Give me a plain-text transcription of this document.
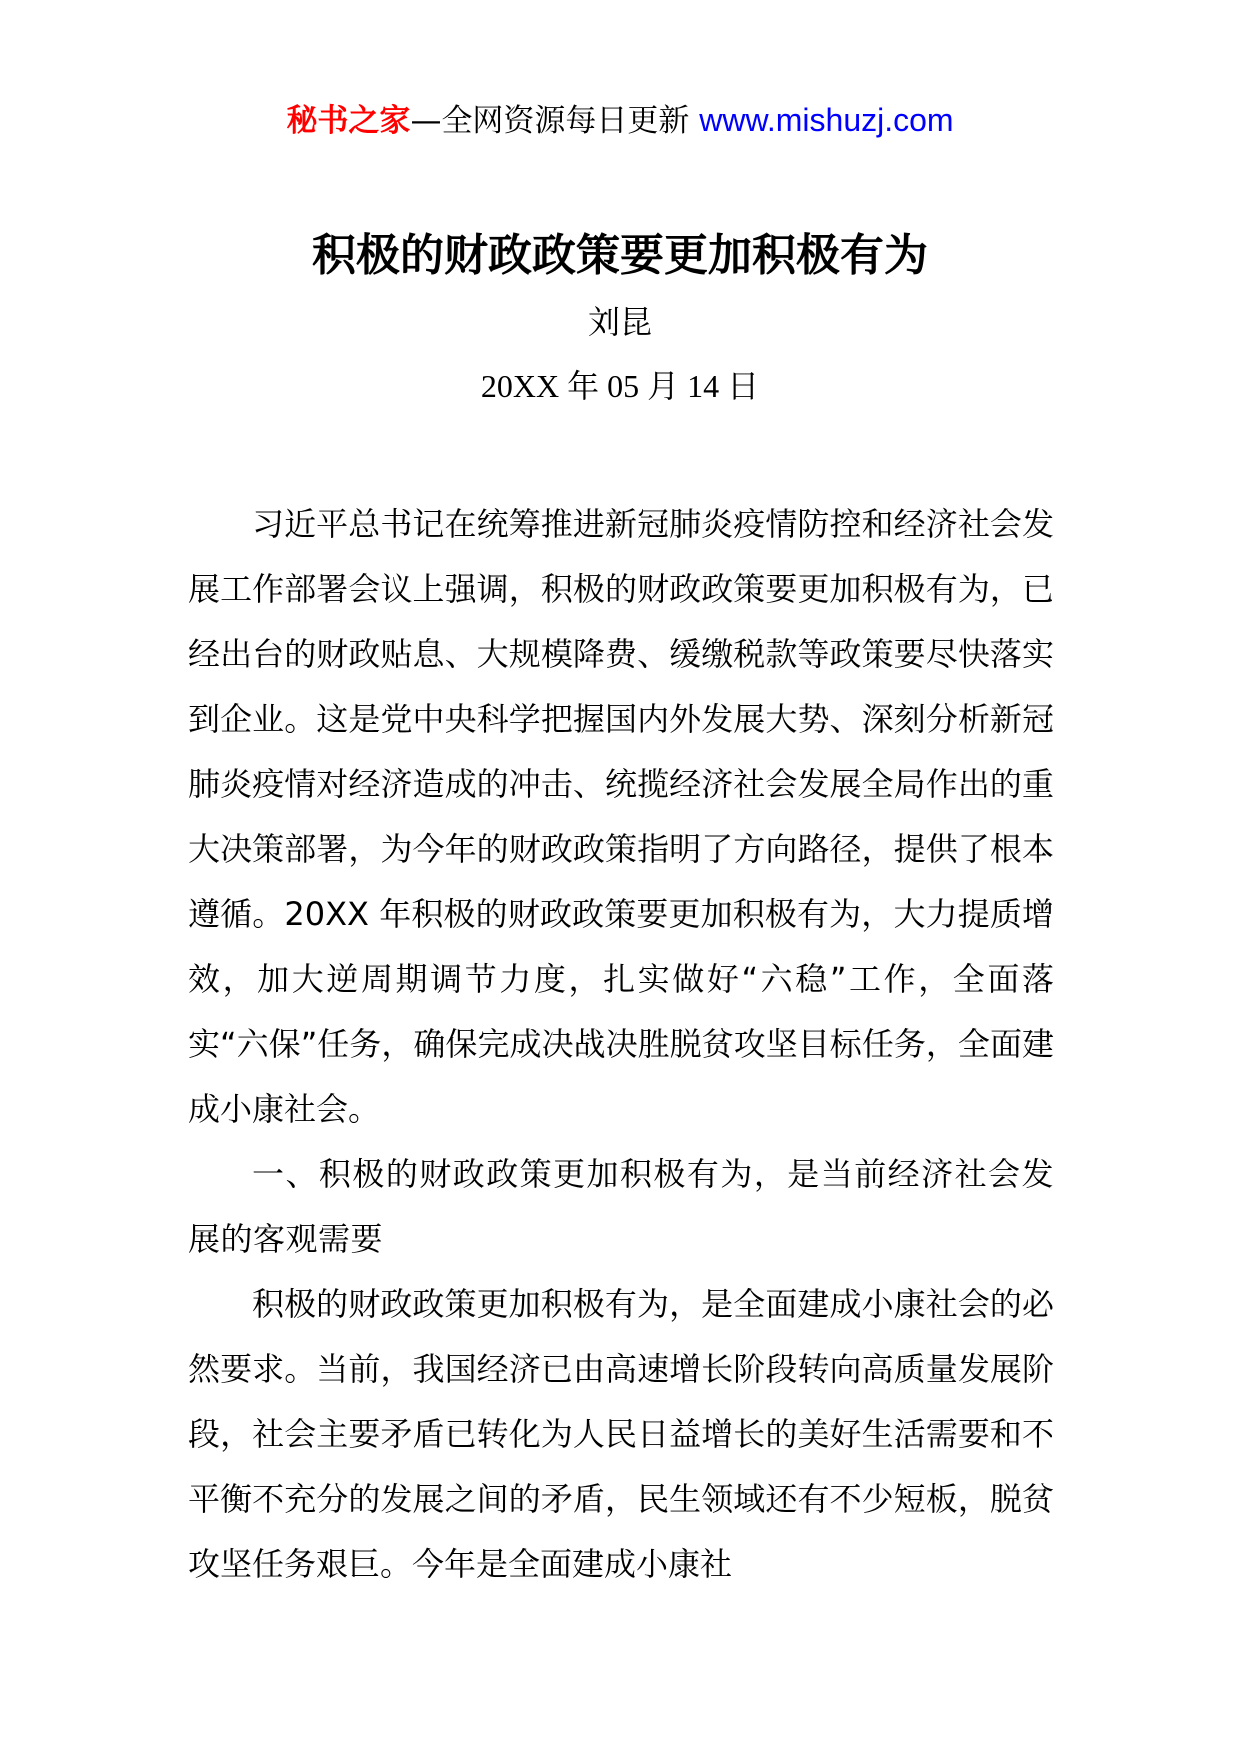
秘书之家—全网资源每日更新 www.mishuzj.com
积极的财政政策要更加积极有为
刘昆
20XX 年 05 月 14 日

习近平总书记在统筹推进新冠肺炎疫情防控和经济社会发展工作部署会议上强调，积极的财政政策要更加积极有为，已经出台的财政贴息、大规模降费、缓缴税款等政策要尽快落实到企业。这是党中央科学把握国内外发展大势、深刻分析新冠肺炎疫情对经济造成的冲击、统揽经济社会发展全局作出的重大决策部署，为今年的财政政策指明了方向路径，提供了根本遵循。20XX 年积极的财政政策要更加积极有为，大力提质增效，加大逆周期调节力度，扎实做好“六稳”工作，全面落实“六保”任务，确保完成决战决胜脱贫攻坚目标任务，全面建成小康社会。

一、积极的财政政策更加积极有为，是当前经济社会发展的客观需要

积极的财政政策更加积极有为，是全面建成小康社会的必然要求。当前，我国经济已由高速增长阶段转向高质量发展阶段，社会主要矛盾已转化为人民日益增长的美好生活需要和不平衡不充分的发展之间的矛盾，民生领域还有不少短板，脱贫攻坚任务艰巨。今年是全面建成小康社
